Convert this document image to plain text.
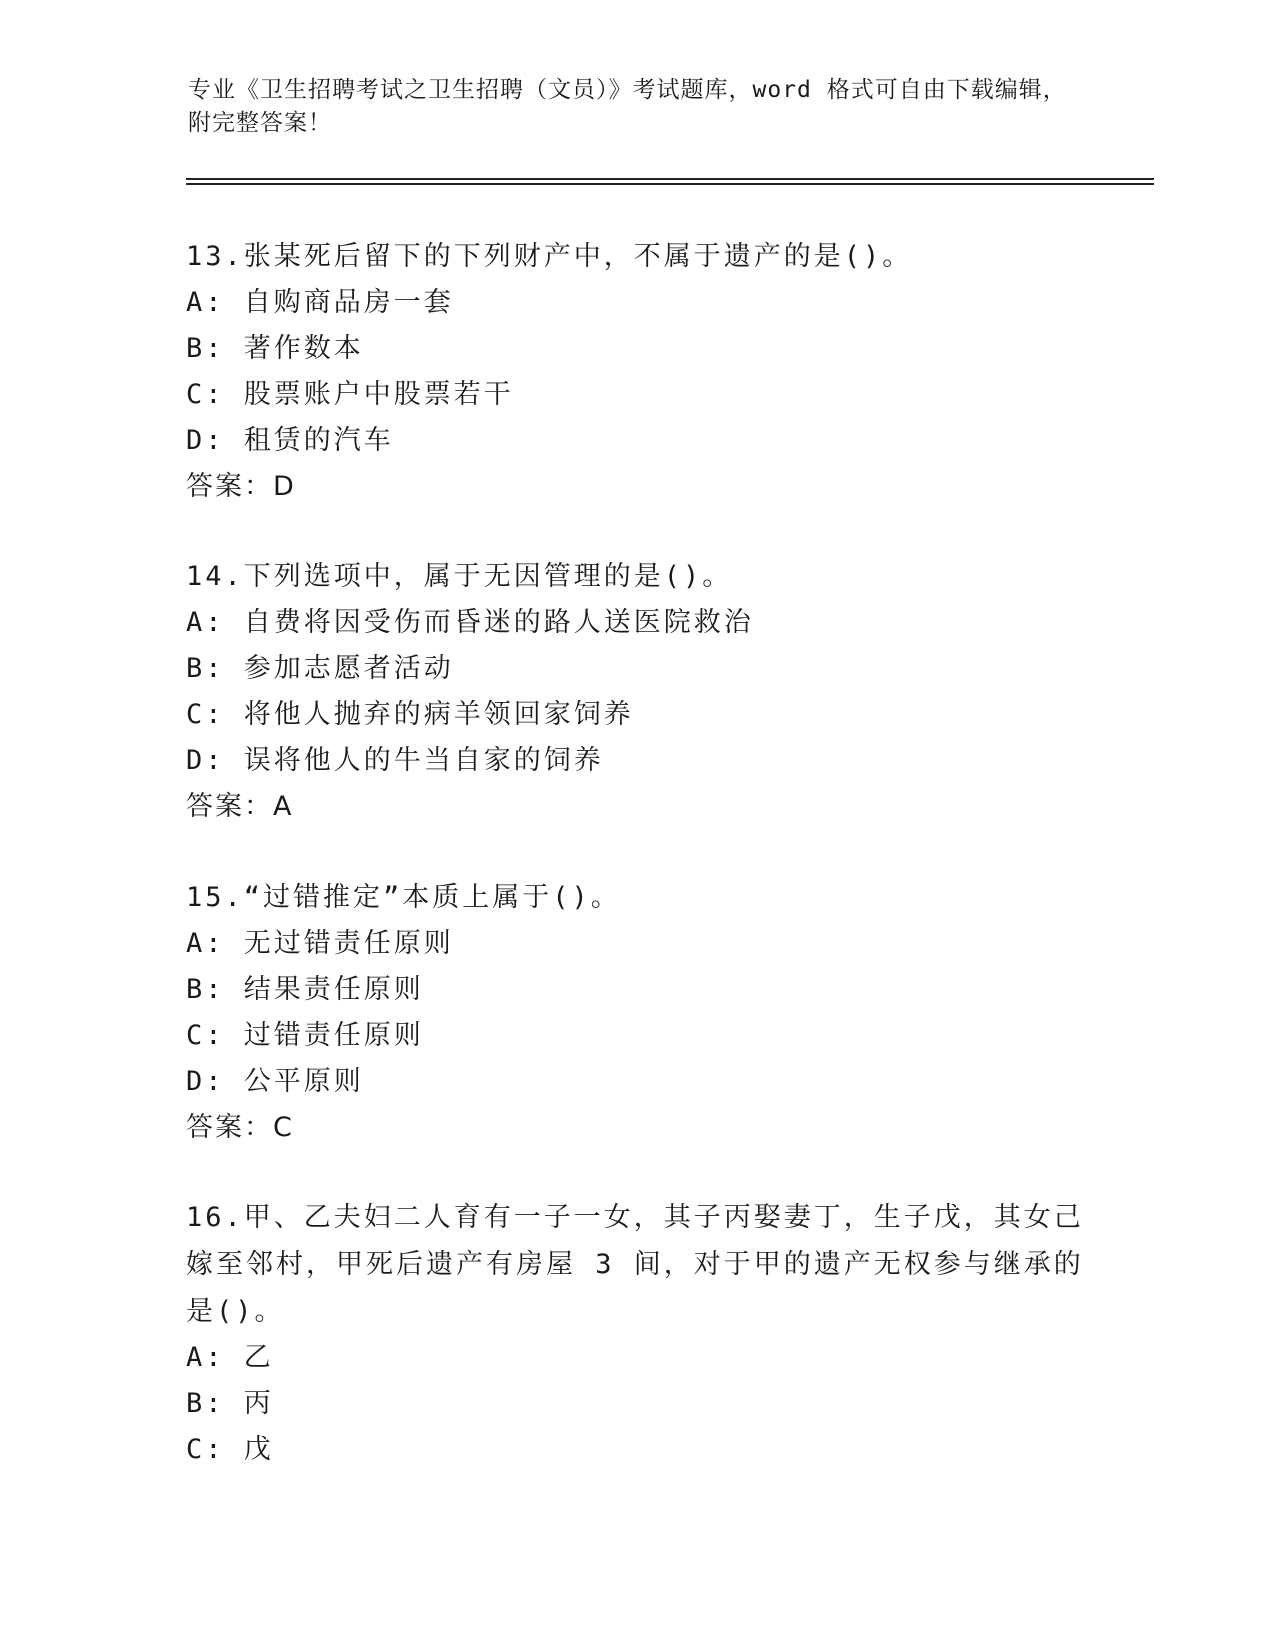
专业《卫生招聘考试之卫生招聘（文员）》考试题库，word 格式可自由下载编辑，附完整答案！

13.张某死后留下的下列财产中，不属于遗产的是()。

A: 自购商品房一套

B: 著作数本

C: 股票账户中股票若干

D: 租赁的汽车

答案：D

14.下列选项中，属于无因管理的是()。

A: 自费将因受伤而昏迷的路人送医院救治

B: 参加志愿者活动

C: 将他人抛弃的病羊领回家饲养

D: 误将他人的牛当自家的饲养

答案：A

15.“过错推定”本质上属于()。

A: 无过错责任原则

B: 结果责任原则

C: 过错责任原则

D: 公平原则

答案：C

16.甲、乙夫妇二人育有一子一女，其子丙娶妻丁，生子戊，其女己嫁至邻村，甲死后遗产有房屋 3 间，对于甲的遗产无权参与继承的是()。

A: 乙

B: 丙

C: 戊
